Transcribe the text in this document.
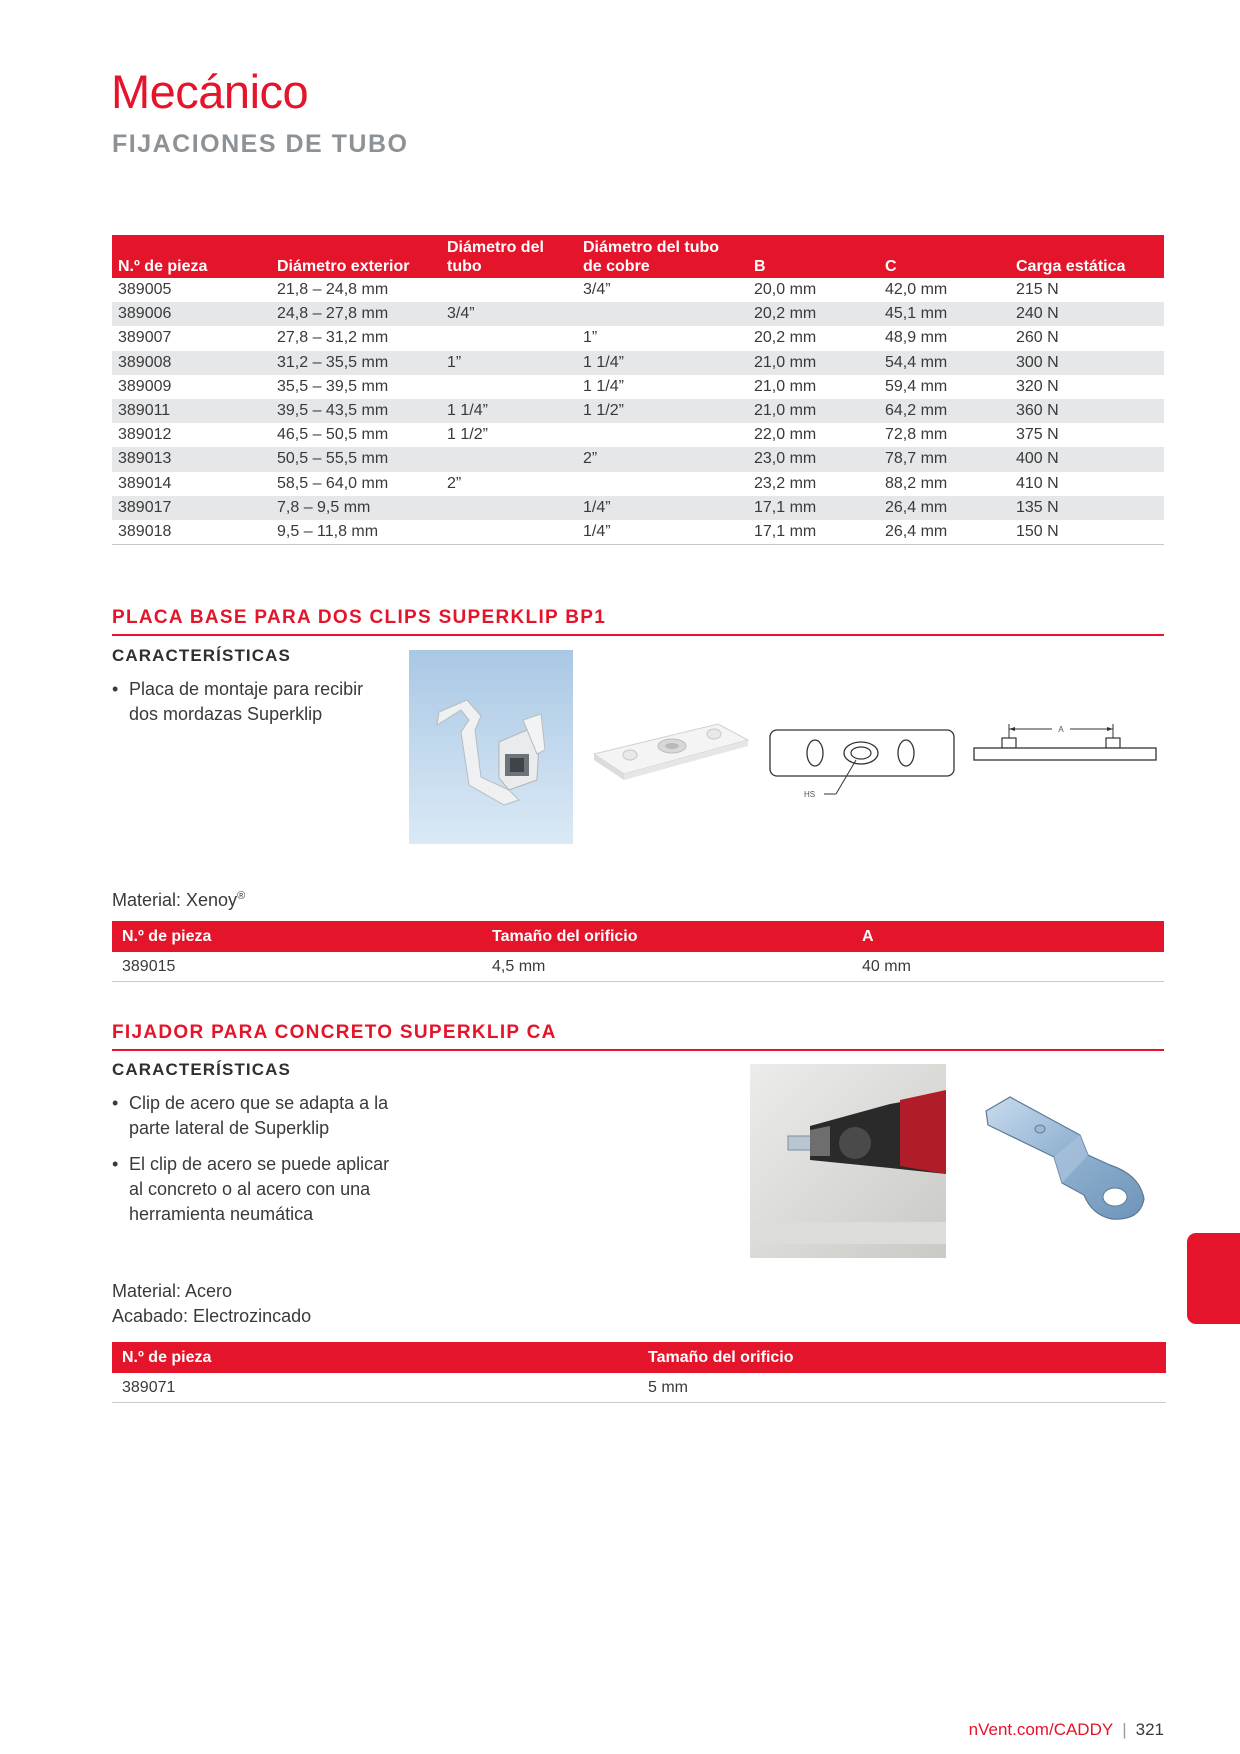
Mecánico
FIJACIONES DE TUBO
N.º de pieza	Diámetro exterior	Diámetro del tubo	Diámetro del tubo de cobre	B	C	Carga estática
389005	21,8 – 24,8 mm		3/4”	20,0 mm	42,0 mm	215 N
389006	24,8 – 27,8 mm	3/4”		20,2 mm	45,1 mm	240 N
389007	27,8 – 31,2 mm		1”	20,2 mm	48,9 mm	260 N
389008	31,2 – 35,5 mm	1”	1 1/4”	21,0 mm	54,4 mm	300 N
389009	35,5 – 39,5 mm		1 1/4”	21,0 mm	59,4 mm	320 N
389011	39,5 – 43,5 mm	1 1/4”	1 1/2”	21,0 mm	64,2 mm	360 N
389012	46,5 – 50,5 mm	1 1/2”		22,0 mm	72,8 mm	375 N
389013	50,5 – 55,5 mm		2”	23,0 mm	78,7 mm	400 N
389014	58,5 – 64,0 mm	2”		23,2 mm	88,2 mm	410 N
389017	7,8 – 9,5 mm		1/4”	17,1 mm	26,4 mm	135 N
389018	9,5 – 11,8 mm		1/4”	17,1 mm	26,4 mm	150 N
PLACA BASE PARA DOS CLIPS SUPERKLIP BP1
CARACTERÍSTICAS
• Placa de montaje para recibir dos mordazas Superklip
HS
A
Material: Xenoy®
N.º de pieza	Tamaño del orificio	A
389015	4,5 mm	40 mm
FIJADOR PARA CONCRETO SUPERKLIP CA
CARACTERÍSTICAS
• Clip de acero que se adapta a la parte lateral de Superklip
• El clip de acero se puede aplicar al concreto o al acero con una herramienta neumática
Material: Acero
Acabado: Electrozincado
N.º de pieza	Tamaño del orificio
389071	5 mm
nVent.com/CADDY | 321
